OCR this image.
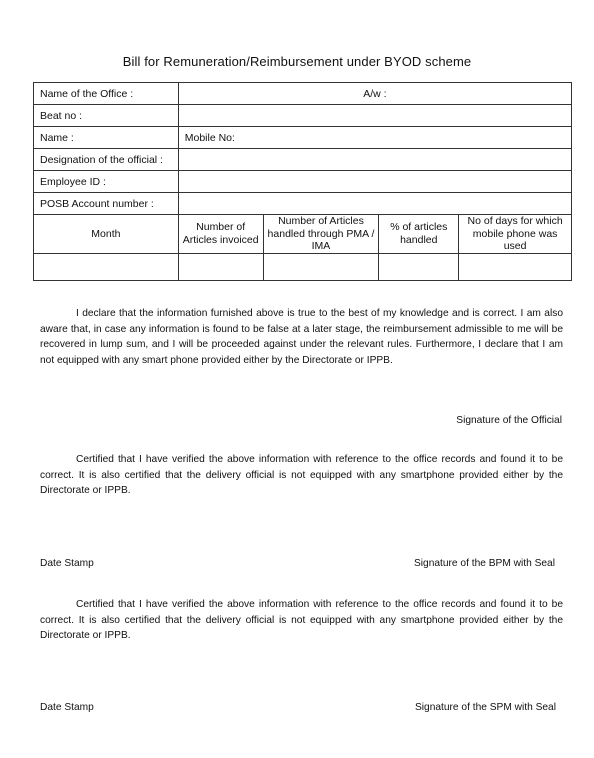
Bill for Remuneration/Reimbursement under BYOD scheme
Name of the Office :	A/w :			
Beat no :				
Name :	Mobile No:			
Designation of the official :				
Employee ID :				
POSB Account number :				
Month	Number of Articles invoiced	Number of Articles handled through PMA / IMA	% of articles handled	No of days for which mobile phone was used

I declare that the information furnished above is true to the best of my knowledge and is correct. I am also aware that, in case any information is found to be false at a later stage, the reimbursement admissible to me will be recovered in lump sum, and I will be proceeded against under the relevant rules. Furthermore, I declare that I am not equipped with any smart phone provided either by the Directorate or IPPB.

Signature of the Official

Certified that I have verified the above information with reference to the office records and found it to be correct. It is also certified that the delivery official is not equipped with any smartphone provided either by the Directorate or IPPB.

Date Stamp	Signature of the BPM with Seal

Certified that I have verified the above information with reference to the office records and found it to be correct. It is also certified that the delivery official is not equipped with any smartphone provided either by the Directorate or IPPB.

Date Stamp	Signature of the SPM with Seal
